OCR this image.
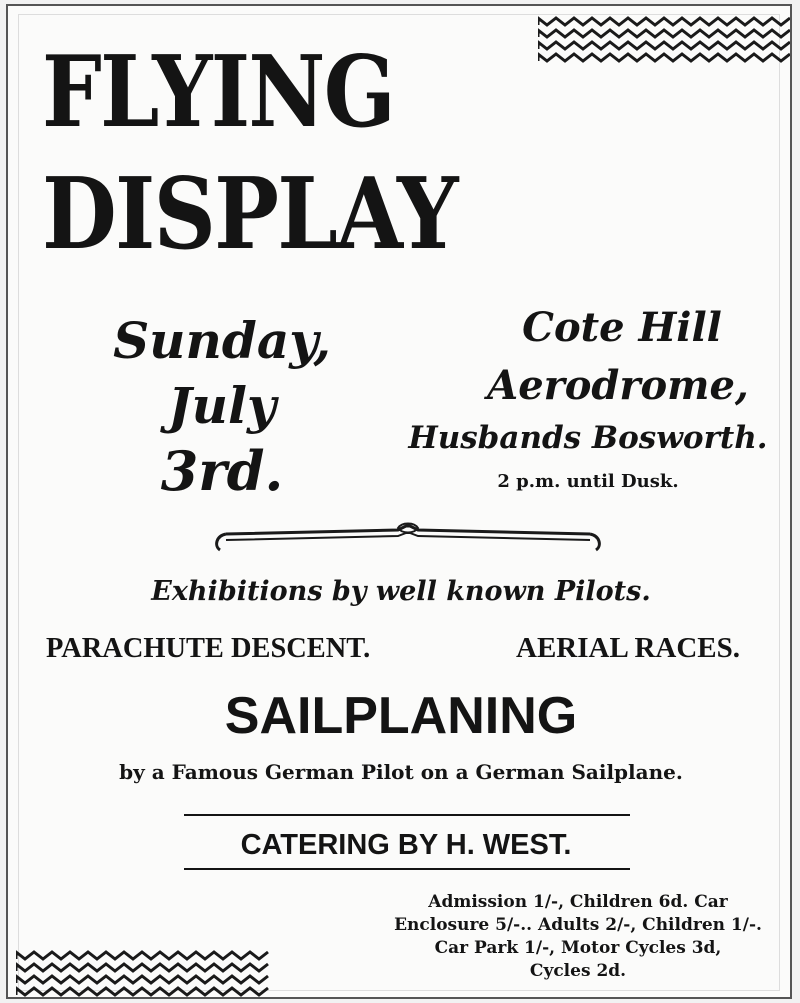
FLYING
DISPLAY
Sunday,
July
3rd.
Cote Hill
Aerodrome,
Husbands Bosworth.
2 p.m. until Dusk.
Exhibitions by well known Pilots.
PARACHUTE DESCENT.	AERIAL RACES.
SAILPLANING
by a Famous German Pilot on a German Sailplane.
CATERING BY H. WEST.
Admission 1/-, Children 6d. Car
Enclosure 5/-.. Adults 2/-, Children 1/-.
Car Park 1/-, Motor Cycles 3d,
Cycles 2d.
